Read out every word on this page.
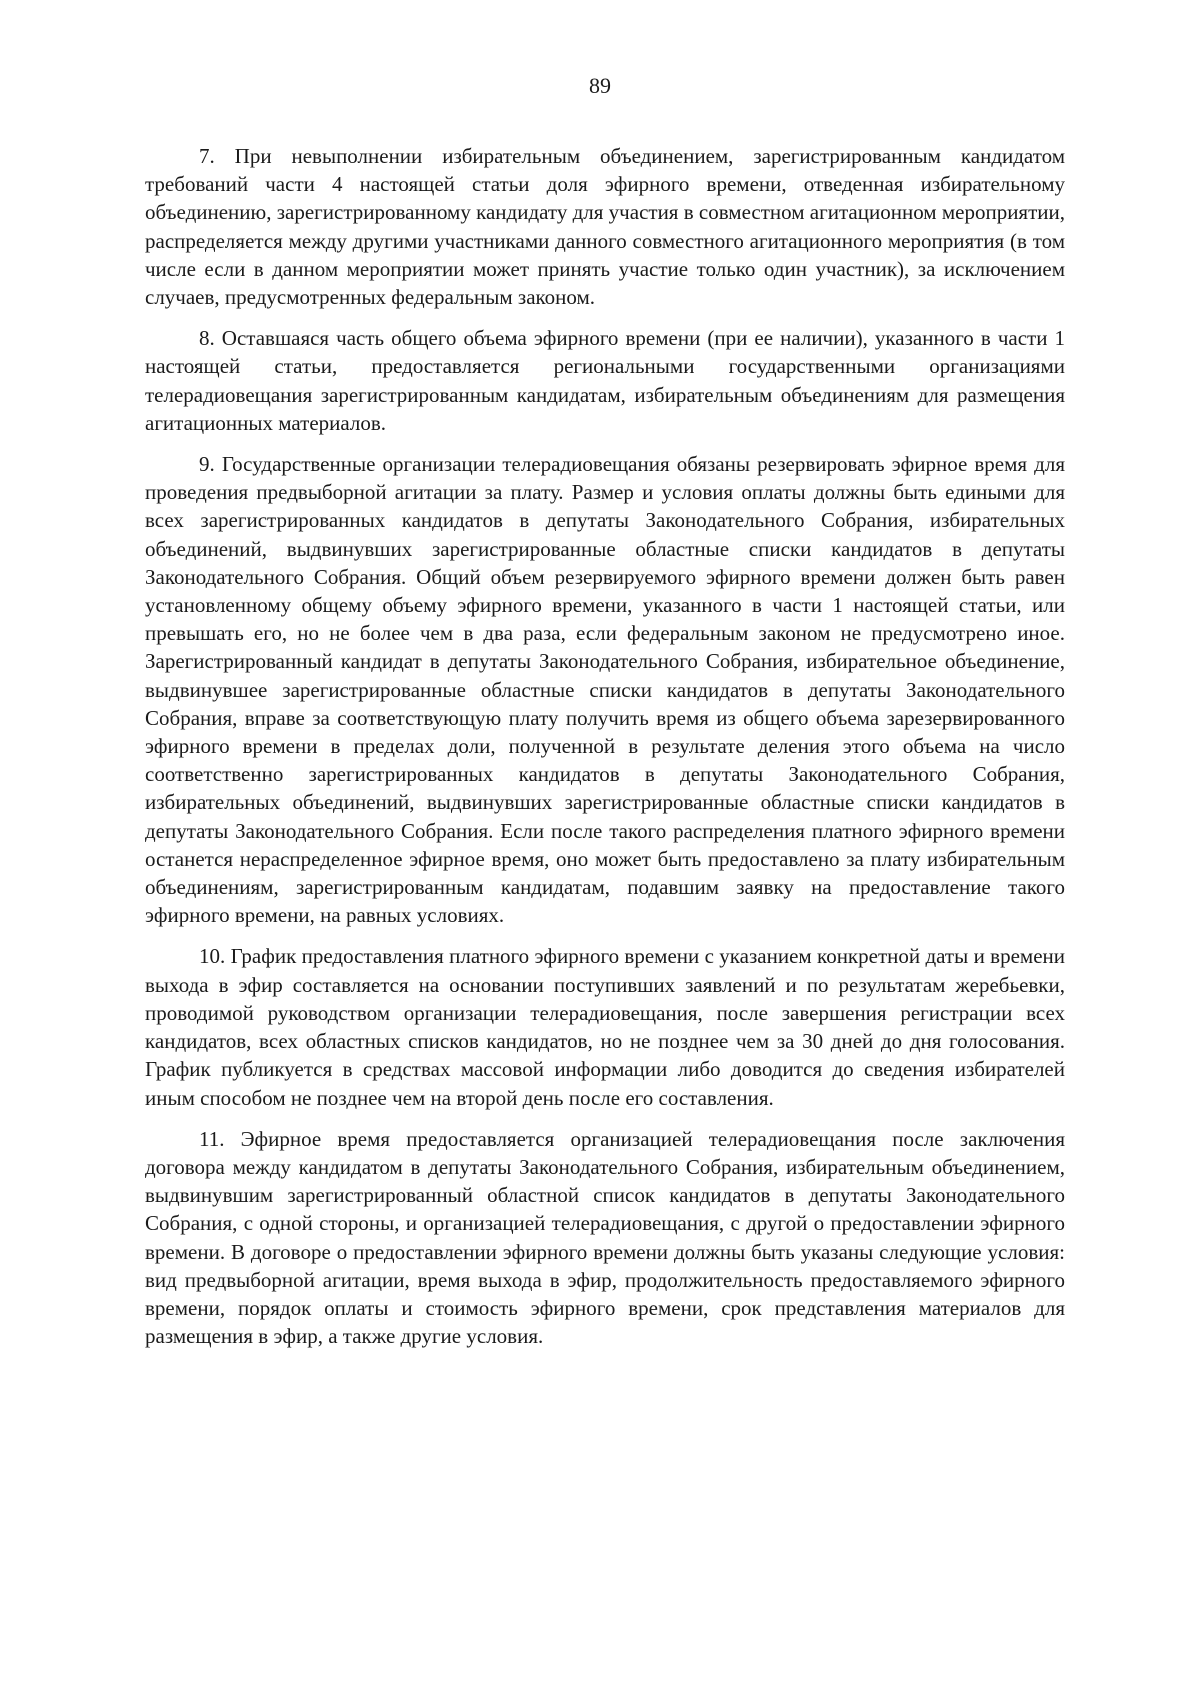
89

7. При невыполнении избирательным объединением, зарегистрированным кандидатом требований части 4 настоящей статьи доля эфирного времени, отведенная избирательному объединению, зарегистрированному кандидату для участия в совместном агитационном мероприятии, распределяется между другими участниками данного совместного агитационного мероприятия (в том числе если в данном мероприятии может принять участие только один участник), за исключением случаев, предусмотренных федеральным законом.

8. Оставшаяся часть общего объема эфирного времени (при ее наличии), указанного в части 1 настоящей статьи, предоставляется региональными государственными организациями телерадиовещания зарегистрированным кандидатам, избирательным объединениям для размещения агитационных материалов.

9. Государственные организации телерадиовещания обязаны резервировать эфирное время для проведения предвыборной агитации за плату. Размер и условия оплаты должны быть едиными для всех зарегистрированных кандидатов в депутаты Законодательного Собрания, избирательных объединений, выдвинувших зарегистрированные областные списки кандидатов в депутаты Законодательного Собрания. Общий объем резервируемого эфирного времени должен быть равен установленному общему объему эфирного времени, указанного в части 1 настоящей статьи, или превышать его, но не более чем в два раза, если федеральным законом не предусмотрено иное. Зарегистрированный кандидат в депутаты Законодательного Собрания, избирательное объединение, выдвинувшее зарегистрированные областные списки кандидатов в депутаты Законодательного Собрания, вправе за соответствующую плату получить время из общего объема зарезервированного эфирного времени в пределах доли, полученной в результате деления этого объема на число соответственно зарегистрированных кандидатов в депутаты Законодательного Собрания, избирательных объединений, выдвинувших зарегистрированные областные списки кандидатов в депутаты Законодательного Собрания. Если после такого распределения платного эфирного времени останется нераспределенное эфирное время, оно может быть предоставлено за плату избирательным объединениям, зарегистрированным кандидатам, подавшим заявку на предоставление такого эфирного времени, на равных условиях.

10. График предоставления платного эфирного времени с указанием конкретной даты и времени выхода в эфир составляется на основании поступивших заявлений и по результатам жеребьевки, проводимой руководством организации телерадиовещания, после завершения регистрации всех кандидатов, всех областных списков кандидатов, но не позднее чем за 30 дней до дня голосования. График публикуется в средствах массовой информации либо доводится до сведения избирателей иным способом не позднее чем на второй день после его составления.

11. Эфирное время предоставляется организацией телерадиовещания после заключения договора между кандидатом в депутаты Законодательного Собрания, избирательным объединением, выдвинувшим зарегистрированный областной список кандидатов в депутаты Законодательного Собрания, с одной стороны, и организацией телерадиовещания, с другой о предоставлении эфирного времени. В договоре о предоставлении эфирного времени должны быть указаны следующие условия: вид предвыборной агитации, время выхода в эфир, продолжительность предоставляемого эфирного времени, порядок оплаты и стоимость эфирного времени, срок представления материалов для размещения в эфир, а также другие условия.
